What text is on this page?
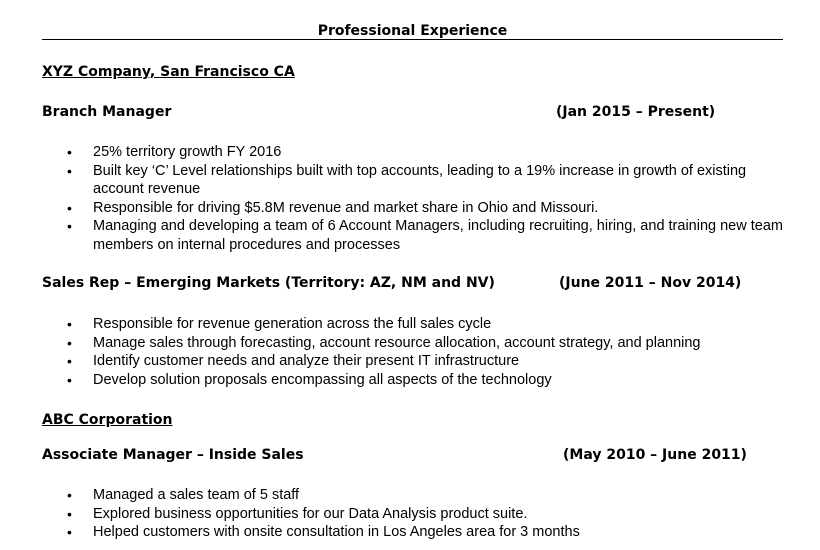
Professional Experience
XYZ Company, San Francisco CA
Branch Manager	(Jan 2015 – Present)
• 25% territory growth FY 2016
• Built key ‘C’ Level relationships built with top accounts, leading to a 19% increase in growth of existing account revenue
• Responsible for driving $5.8M revenue and market share in Ohio and Missouri.
• Managing and developing a team of 6 Account Managers, including recruiting, hiring, and training new team members on internal procedures and processes
Sales Rep – Emerging Markets (Territory: AZ, NM and NV)	(June 2011 – Nov 2014)
• Responsible for revenue generation across the full sales cycle
• Manage sales through forecasting, account resource allocation, account strategy, and planning
• Identify customer needs and analyze their present IT infrastructure
• Develop solution proposals encompassing all aspects of the technology
ABC Corporation
Associate Manager – Inside Sales	(May 2010 – June 2011)
• Managed a sales team of 5 staff
• Explored business opportunities for our Data Analysis product suite.
• Helped customers with onsite consultation in Los Angeles area for 3 months
